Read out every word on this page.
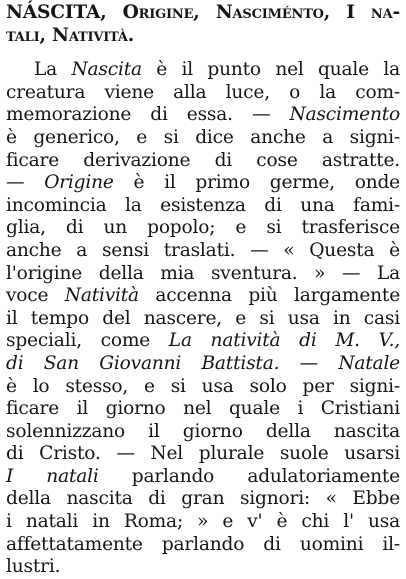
NÁSCITA, Origine, Nasciménto, I na-
tali, Natività.
La Nascita è il punto nel quale la
creatura viene alla luce, o la com-
memorazione di essa. — Nascimento
è generico, e si dice anche a signi-
ficare derivazione di cose astratte.
— Origine è il primo germe, onde
incomincia la esistenza di una fami-
glia, di un popolo; e si trasferisce
anche a sensi traslati. — « Questa è
l'origine della mia sventura. » — La
voce Natività accenna più largamente
il tempo del nascere, e si usa in casi
speciali, come La natività di M. V.,
di San Giovanni Battista. — Natale
è lo stesso, e si usa solo per signi-
ficare il giorno nel quale i Cristiani
solennizzano il giorno della nascita
di Cristo. — Nel plurale suole usarsi
I natali parlando adulatoriamente
della nascita di gran signori: « Ebbe
i natali in Roma; » e v' è chi l' usa
affettatamente parlando di uomini il-
lustri.
